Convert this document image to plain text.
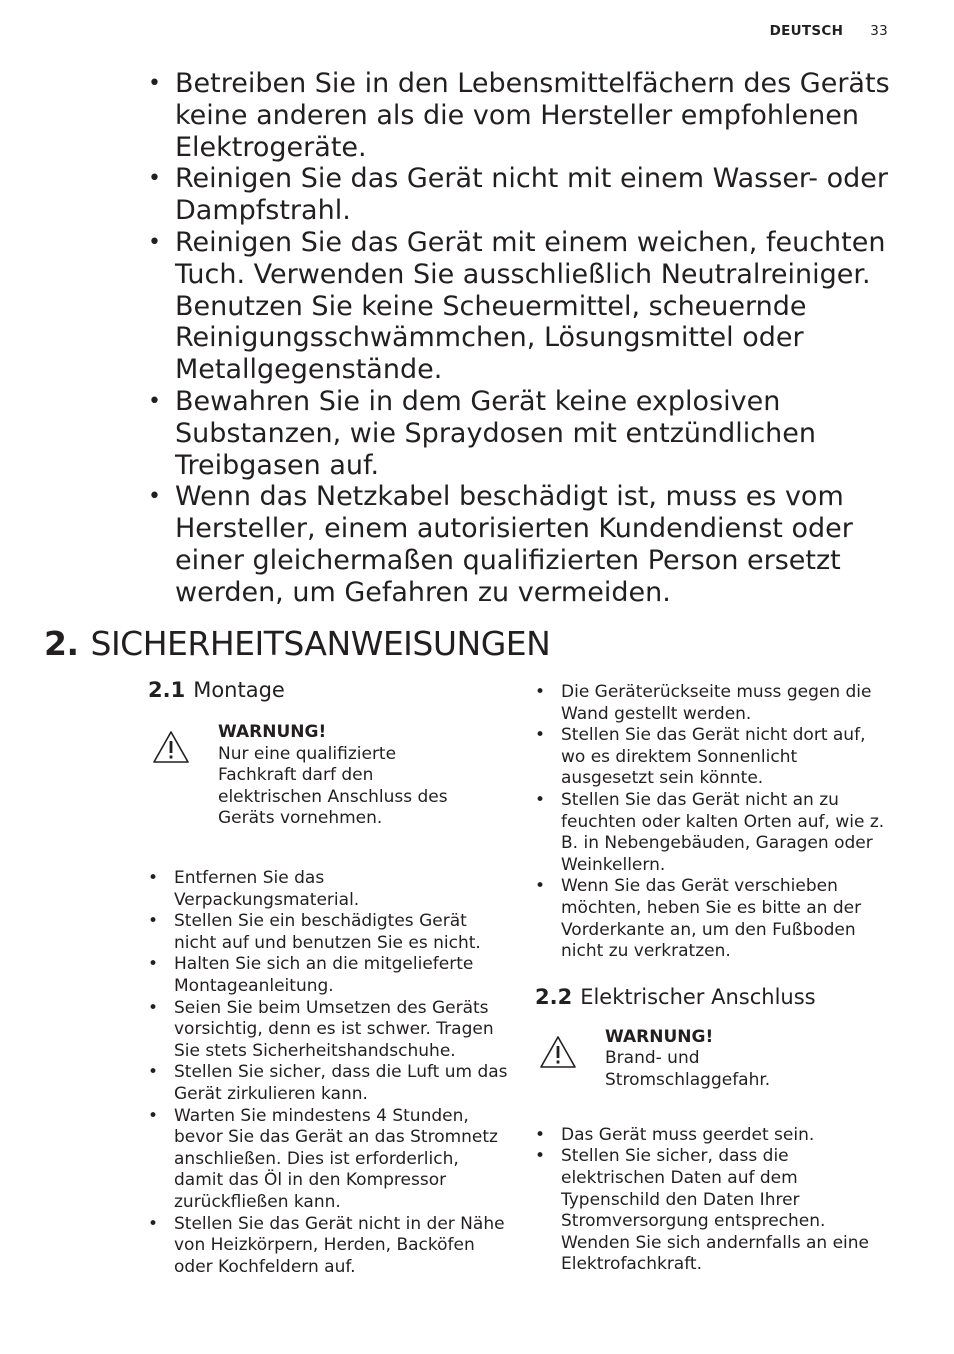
DEUTSCH 33
• Betreiben Sie in den Lebensmittelfächern des Geräts keine anderen als die vom Hersteller empfohlenen Elektrogeräte.
• Reinigen Sie das Gerät nicht mit einem Wasser- oder Dampfstrahl.
• Reinigen Sie das Gerät mit einem weichen, feuchten Tuch. Verwenden Sie ausschließlich Neutralreiniger. Benutzen Sie keine Scheuermittel, scheuernde Reinigungsschwämmchen, Lösungsmittel oder Metallgegenstände.
• Bewahren Sie in dem Gerät keine explosiven Substanzen, wie Spraydosen mit entzündlichen Treibgasen auf.
• Wenn das Netzkabel beschädigt ist, muss es vom Hersteller, einem autorisierten Kundendienst oder einer gleichermaßen qualifizierten Person ersetzt werden, um Gefahren zu vermeiden.
2. SICHERHEITSANWEISUNGEN
2.1 Montage
WARNUNG!
Nur eine qualifizierte Fachkraft darf den elektrischen Anschluss des Geräts vornehmen.
• Entfernen Sie das Verpackungsmaterial.
• Stellen Sie ein beschädigtes Gerät nicht auf und benutzen Sie es nicht.
• Halten Sie sich an die mitgelieferte Montageanleitung.
• Seien Sie beim Umsetzen des Geräts vorsichtig, denn es ist schwer. Tragen Sie stets Sicherheitshandschuhe.
• Stellen Sie sicher, dass die Luft um das Gerät zirkulieren kann.
• Warten Sie mindestens 4 Stunden, bevor Sie das Gerät an das Stromnetz anschließen. Dies ist erforderlich, damit das Öl in den Kompressor zurückfließen kann.
• Stellen Sie das Gerät nicht in der Nähe von Heizkörpern, Herden, Backöfen oder Kochfeldern auf.
• Die Geräterückseite muss gegen die Wand gestellt werden.
• Stellen Sie das Gerät nicht dort auf, wo es direktem Sonnenlicht ausgesetzt sein könnte.
• Stellen Sie das Gerät nicht an zu feuchten oder kalten Orten auf, wie z. B. in Nebengebäuden, Garagen oder Weinkellern.
• Wenn Sie das Gerät verschieben möchten, heben Sie es bitte an der Vorderkante an, um den Fußboden nicht zu verkratzen.
2.2 Elektrischer Anschluss
WARNUNG!
Brand- und Stromschlaggefahr.
• Das Gerät muss geerdet sein.
• Stellen Sie sicher, dass die elektrischen Daten auf dem Typenschild den Daten Ihrer Stromversorgung entsprechen. Wenden Sie sich andernfalls an eine Elektrofachkraft.
